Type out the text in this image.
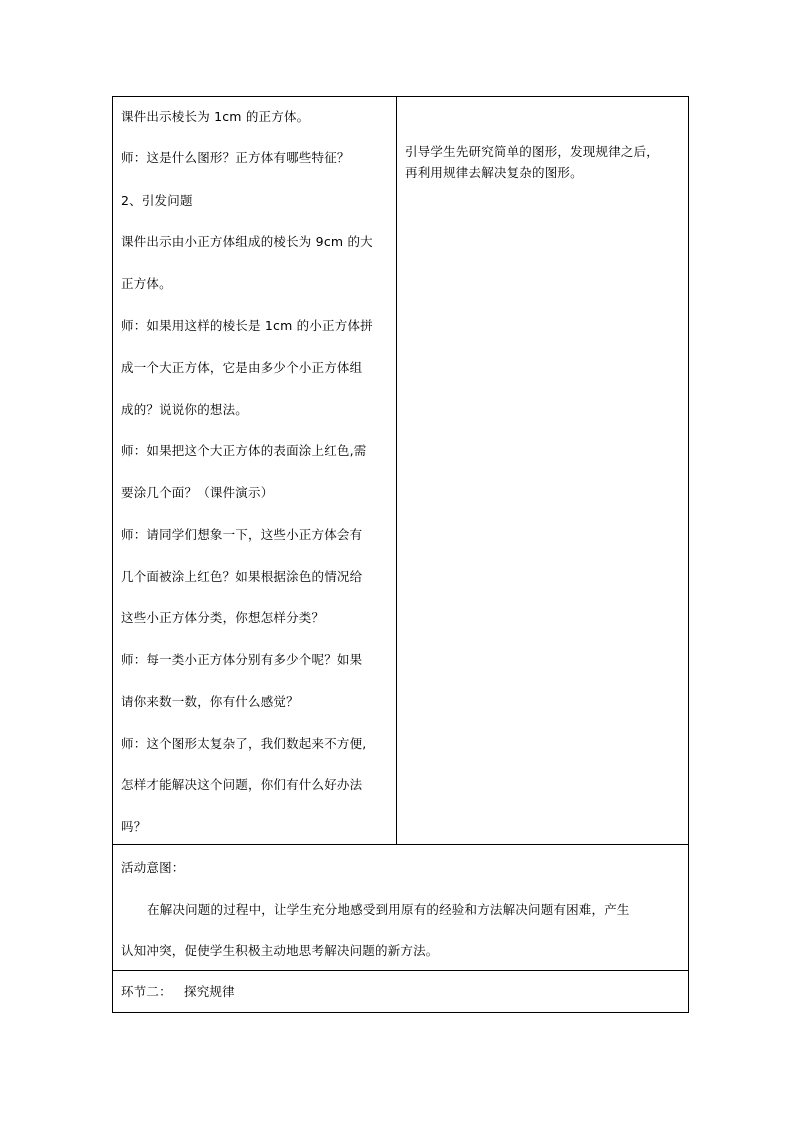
课件出示棱长为 1cm 的正方体。
师：这是什么图形？正方体有哪些特征？
2、引发问题
课件出示由小正方体组成的棱长为 9cm 的大
正方体。
师：如果用这样的棱长是 1cm 的小正方体拼
成一个大正方体，它是由多少个小正方体组
成的？说说你的想法。
师：如果把这个大正方体的表面涂上红色,需
要涂几个面？（课件演示）
师：请同学们想象一下，这些小正方体会有
几个面被涂上红色？如果根据涂色的情况给
这些小正方体分类，你想怎样分类？
师：每一类小正方体分别有多少个呢？如果
请你来数一数，你有什么感觉？
师：这个图形太复杂了，我们数起来不方便,
怎样才能解决这个问题，你们有什么好办法
吗？
引导学生先研究简单的图形，发现规律之后，
再利用规律去解决复杂的图形。
活动意图：
在解决问题的过程中，让学生充分地感受到用原有的经验和方法解决问题有困难，产生
认知冲突，促使学生积极主动地思考解决问题的新方法。
环节二： 探究规律
